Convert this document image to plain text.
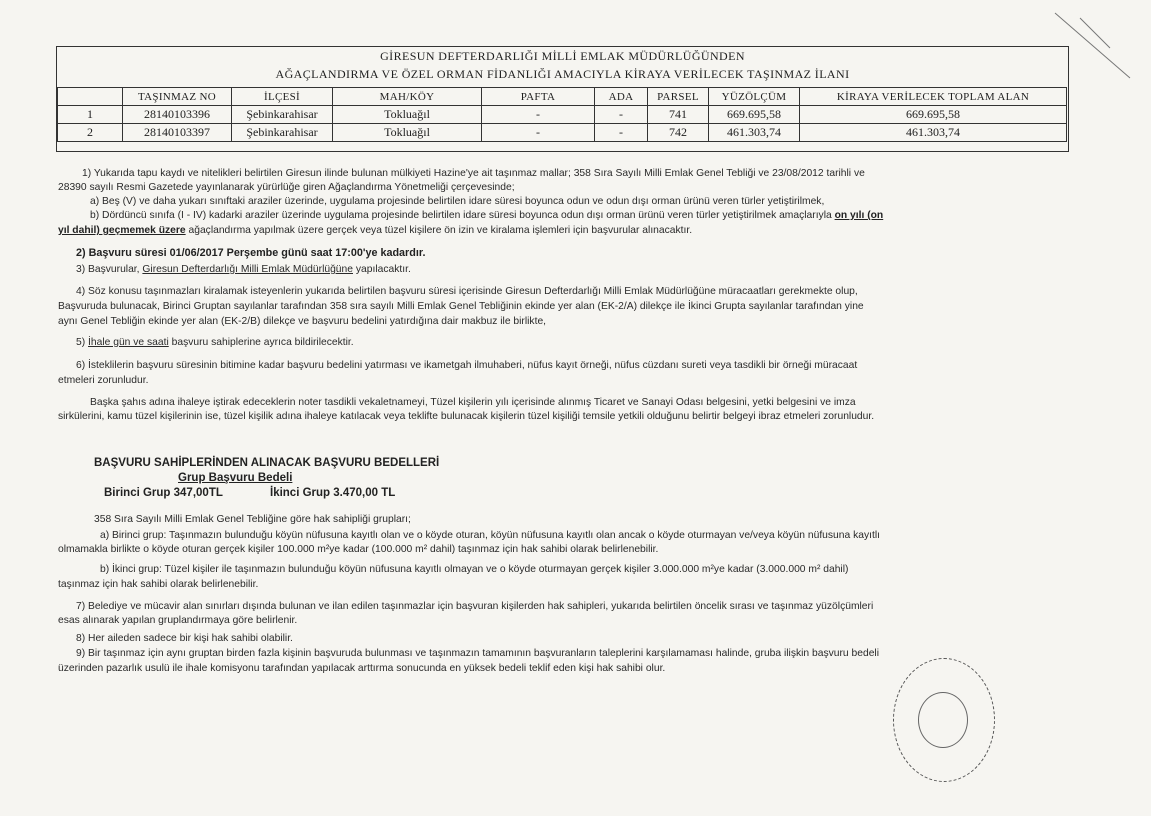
GİRESUN DEFTERDARLIĞI MİLLİ EMLAK MÜDÜRLÜĞÜNDEN
AĞAÇLANDIRMA VE ÖZEL ORMAN FİDANLIĞI AMACIYLA KİRAYA VERİLECEK TAŞINMAZ İLANI
	TAŞINMAZ NO	İLÇESİ	MAH/KÖY	PAFTA	ADA	PARSEL	YÜZÖLÇÜM	KİRAYA VERİLECEK TOPLAM ALAN
1	28140103396	Şebinkarahisar	Tokluağıl	-	-	741	669.695,58	669.695,58
2	28140103397	Şebinkarahisar	Tokluağıl	-	-	742	461.303,74	461.303,74
1) Yukarıda tapu kaydı ve nitelikleri belirtilen Giresun ilinde bulunan mülkiyeti Hazine'ye ait taşınmaz mallar; 358 Sıra Sayılı Milli Emlak Genel Tebliği ve 23/08/2012 tarihli ve
28390 sayılı Resmi Gazetede yayınlanarak yürürlüğe giren Ağaçlandırma Yönetmeliği çerçevesinde;
a) Beş (V) ve daha yukarı sınıftaki araziler üzerinde, uygulama projesinde belirtilen idare süresi boyunca odun ve odun dışı orman ürünü veren türler yetiştirilmek,
b) Dördüncü sınıfa (I - IV) kadarki araziler üzerinde uygulama projesinde belirtilen idare süresi boyunca odun dışı orman ürünü veren türler yetiştirilmek amaçlarıyla on yılı (on
yıl dahil) geçmemek üzere ağaçlandırma yapılmak üzere gerçek veya tüzel kişilere ön izin ve kiralama işlemleri için başvurular alınacaktır.
2) Başvuru süresi 01/06/2017 Perşembe günü saat 17:00'ye kadardır.
3) Başvurular, Giresun Defterdarlığı Milli Emlak Müdürlüğüne yapılacaktır.
4) Söz konusu taşınmazları kiralamak isteyenlerin yukarıda belirtilen başvuru süresi içerisinde Giresun Defterdarlığı Milli Emlak Müdürlüğüne müracaatları gerekmekte olup,
Başvuruda bulunacak, Birinci Gruptan sayılanlar tarafından 358 sıra sayılı Milli Emlak Genel Tebliğinin ekinde yer alan (EK-2/A) dilekçe ile İkinci Grupta sayılanlar tarafından yine
aynı Genel Tebliğin ekinde yer alan (EK-2/B) dilekçe ve başvuru bedelini yatırdığına dair makbuz ile birlikte,
5) İhale gün ve saati başvuru sahiplerine ayrıca bildirilecektir.
6) İsteklilerin başvuru süresinin bitimine kadar başvuru bedelini yatırması ve ikametgah ilmuhaberi, nüfus kayıt örneği, nüfus cüzdanı sureti veya tasdikli bir örneği müracaat
etmeleri zorunludur.
Başka şahıs adına ihaleye iştirak edeceklerin noter tasdikli vekaletnameyi, Tüzel kişilerin yılı içerisinde alınmış Ticaret ve Sanayi Odası belgesini, yetki belgesini ve imza
sirkülerini, kamu tüzel kişilerinin ise, tüzel kişilik adına ihaleye katılacak veya teklifte bulunacak kişilerin tüzel kişiliği temsile yetkili olduğunu belirtir belgeyi ibraz etmeleri zorunludur.
BAŞVURU SAHİPLERİNDEN ALINACAK BAŞVURU BEDELLERİ
Grup Başvuru Bedeli
Birinci Grup 347,00TL	İkinci Grup 3.470,00 TL
358 Sıra Sayılı Milli Emlak Genel Tebliğine göre hak sahipliği grupları;
a) Birinci grup: Taşınmazın bulunduğu köyün nüfusuna kayıtlı olan ve o köyde oturan, köyün nüfusuna kayıtlı olan ancak o köyde oturmayan ve/veya köyün nüfusuna kayıtlı
olmamakla birlikte o köyde oturan gerçek kişiler 100.000 m²ye kadar (100.000 m² dahil) taşınmaz için hak sahibi olarak belirlenebilir.
b) İkinci grup: Tüzel kişiler ile taşınmazın bulunduğu köyün nüfusuna kayıtlı olmayan ve o köyde oturmayan gerçek kişiler 3.000.000 m²ye kadar (3.000.000 m² dahil)
taşınmaz için hak sahibi olarak belirlenebilir.
7) Belediye ve mücavir alan sınırları dışında bulunan ve ilan edilen taşınmazlar için başvuran kişilerden hak sahipleri, yukarıda belirtilen öncelik sırası ve taşınmaz yüzölçümleri
esas alınarak yapılan gruplandırmaya göre belirlenir.
8) Her aileden sadece bir kişi hak sahibi olabilir.
9) Bir taşınmaz için aynı gruptan birden fazla kişinin başvuruda bulunması ve taşınmazın tamamının başvuranların taleplerini karşılamaması halinde, grubа ilişkin başvuru bedeli
üzerinden pazarlık usulü ile ihale komisyonu tarafından yapılacak arttırma sonucunda en yüksek bedeli teklif eden kişi hak sahibi olur.
